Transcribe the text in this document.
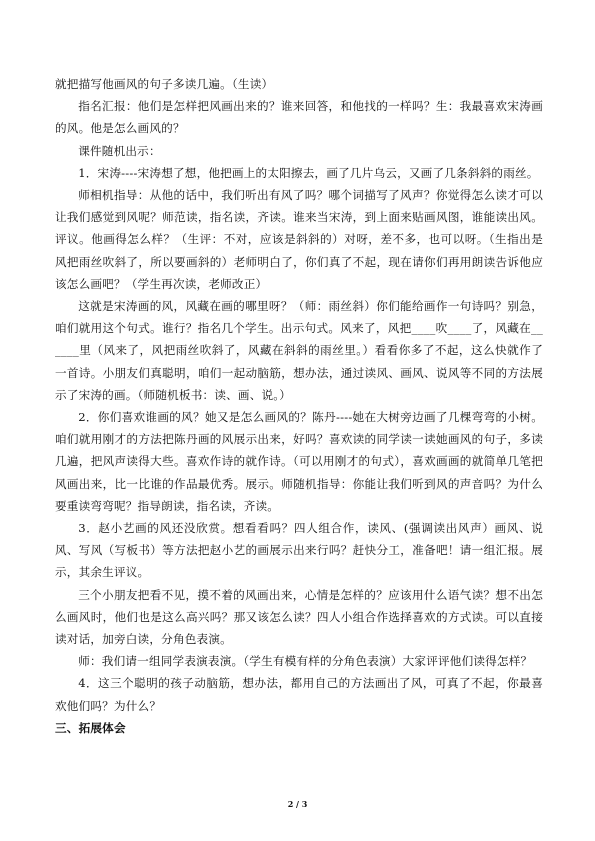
就把描写他画风的句子多读几遍。（生读）

指名汇报：他们是怎样把风画出来的？谁来回答，和他找的一样吗？生：我最喜欢宋涛画的风。他是怎么画风的？

课件随机出示：

1．宋涛----宋涛想了想，他把画上的太阳擦去，画了几片乌云，又画了几条斜斜的雨丝。

师相机指导：从他的话中，我们听出有风了吗？哪个词描写了风声？你觉得怎么读才可以让我们感觉到风呢？师范读，指名读，齐读。谁来当宋涛，到上面来贴画风图，谁能读出风。评议。他画得怎么样？（生评：不对，应该是斜斜的）对呀，差不多，也可以呀。（生指出是风把雨丝吹斜了，所以要画斜的）老师明白了，你们真了不起，现在请你们再用朗读告诉他应该怎么画吧？（学生再次读，老师改正）

这就是宋涛画的风，风藏在画的哪里呀？（师：雨丝斜）你们能给画作一句诗吗？别急，咱们就用这个句式。谁行？指名几个学生。出示句式。风来了，风把____吹____了，风藏在______里（风来了，风把雨丝吹斜了，风藏在斜斜的雨丝里。）看看你多了不起，这么快就作了一首诗。小朋友们真聪明，咱们一起动脑筋，想办法，通过读风、画风、说风等不同的方法展示了宋涛的画。（师随机板书：读、画、说。）

2．你们喜欢谁画的风？她又是怎么画风的？陈丹----她在大树旁边画了几棵弯弯的小树。咱们就用刚才的方法把陈丹画的风展示出来，好吗？喜欢读的同学读一读她画风的句子，多读几遍，把风声读得大些。喜欢作诗的就作诗。（可以用刚才的句式），喜欢画画的就简单几笔把风画出来，比一比谁的作品最优秀。展示。师随机指导：你能让我们听到风的声音吗？为什么要重读弯弯呢？指导朗读，指名读，齐读。

3．赵小艺画的风还没欣赏。想看看吗？四人组合作，读风、(强调读出风声）画风、说风、写风（写板书）等方法把赵小艺的画展示出来行吗？赶快分工，准备吧！请一组汇报。展示，其余生评议。

三个小朋友把看不见，摸不着的风画出来，心情是怎样的？应该用什么语气读？想不出怎么画风时，他们也是这么高兴吗？那又该怎么读？四人小组合作选择喜欢的方式读。可以直接读对话，加旁白读，分角色表演。

师：我们请一组同学表演表演。（学生有模有样的分角色表演）大家评评他们读得怎样？

4．这三个聪明的孩子动脑筋，想办法，都用自己的方法画出了风，可真了不起，你最喜欢他们吗？为什么？

三、拓展体会

2 / 3
